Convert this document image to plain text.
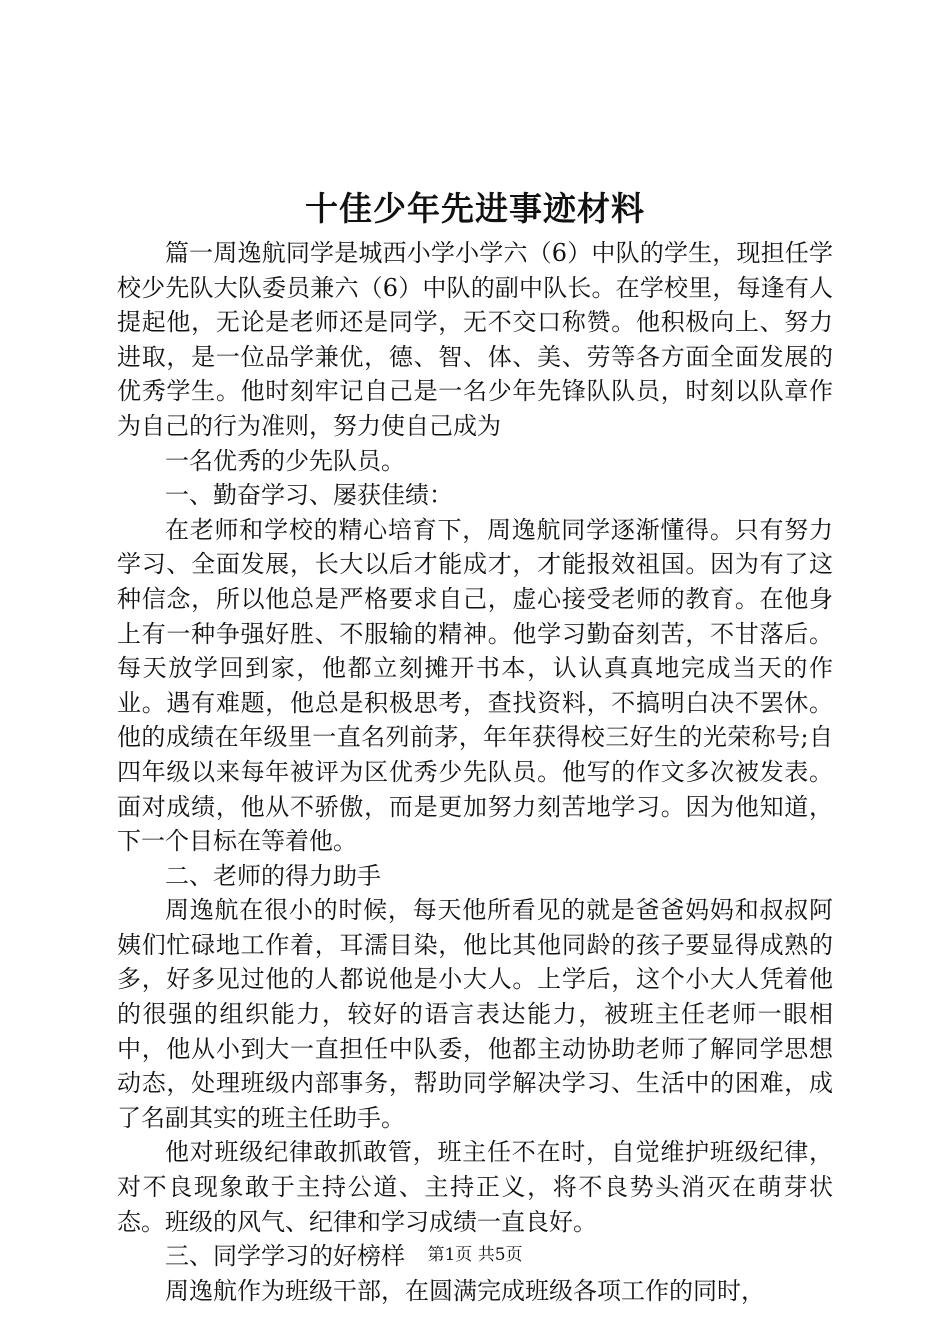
十佳少年先进事迹材料

篇一周逸航同学是城西小学小学六（6）中队的学生，现担任学校少先队大队委员兼六（6）中队的副中队长。在学校里，每逢有人提起他，无论是老师还是同学，无不交口称赞。他积极向上、努力进取，是一位品学兼优，德、智、体、美、劳等各方面全面发展的优秀学生。他时刻牢记自己是一名少年先锋队队员，时刻以队章作为自己的行为准则，努力使自己成为

一名优秀的少先队员。

一、勤奋学习、屡获佳绩：

在老师和学校的精心培育下，周逸航同学逐渐懂得。只有努力学习、全面发展，长大以后才能成才，才能报效祖国。因为有了这种信念，所以他总是严格要求自己，虚心接受老师的教育。在他身上有一种争强好胜、不服输的精神。他学习勤奋刻苦，不甘落后。每天放学回到家，他都立刻摊开书本，认认真真地完成当天的作业。遇有难题，他总是积极思考，查找资料，不搞明白决不罢休。他的成绩在年级里一直名列前茅，年年获得校三好生的光荣称号;自四年级以来每年被评为区优秀少先队员。他写的作文多次被发表。面对成绩，他从不骄傲，而是更加努力刻苦地学习。因为他知道，下一个目标在等着他。

二、老师的得力助手

周逸航在很小的时候，每天他所看见的就是爸爸妈妈和叔叔阿姨们忙碌地工作着，耳濡目染，他比其他同龄的孩子要显得成熟的多，好多见过他的人都说他是小大人。上学后，这个小大人凭着他的很强的组织能力，较好的语言表达能力，被班主任老师一眼相中，他从小到大一直担任中队委，他都主动协助老师了解同学思想动态，处理班级内部事务，帮助同学解决学习、生活中的困难，成了名副其实的班主任助手。

他对班级纪律敢抓敢管，班主任不在时，自觉维护班级纪律，对不良现象敢于主持公道、主持正义，将不良势头消灭在萌芽状态。班级的风气、纪律和学习成绩一直良好。

三、同学学习的好榜样

周逸航作为班级干部，在圆满完成班级各项工作的同时，

第1页 共5页
